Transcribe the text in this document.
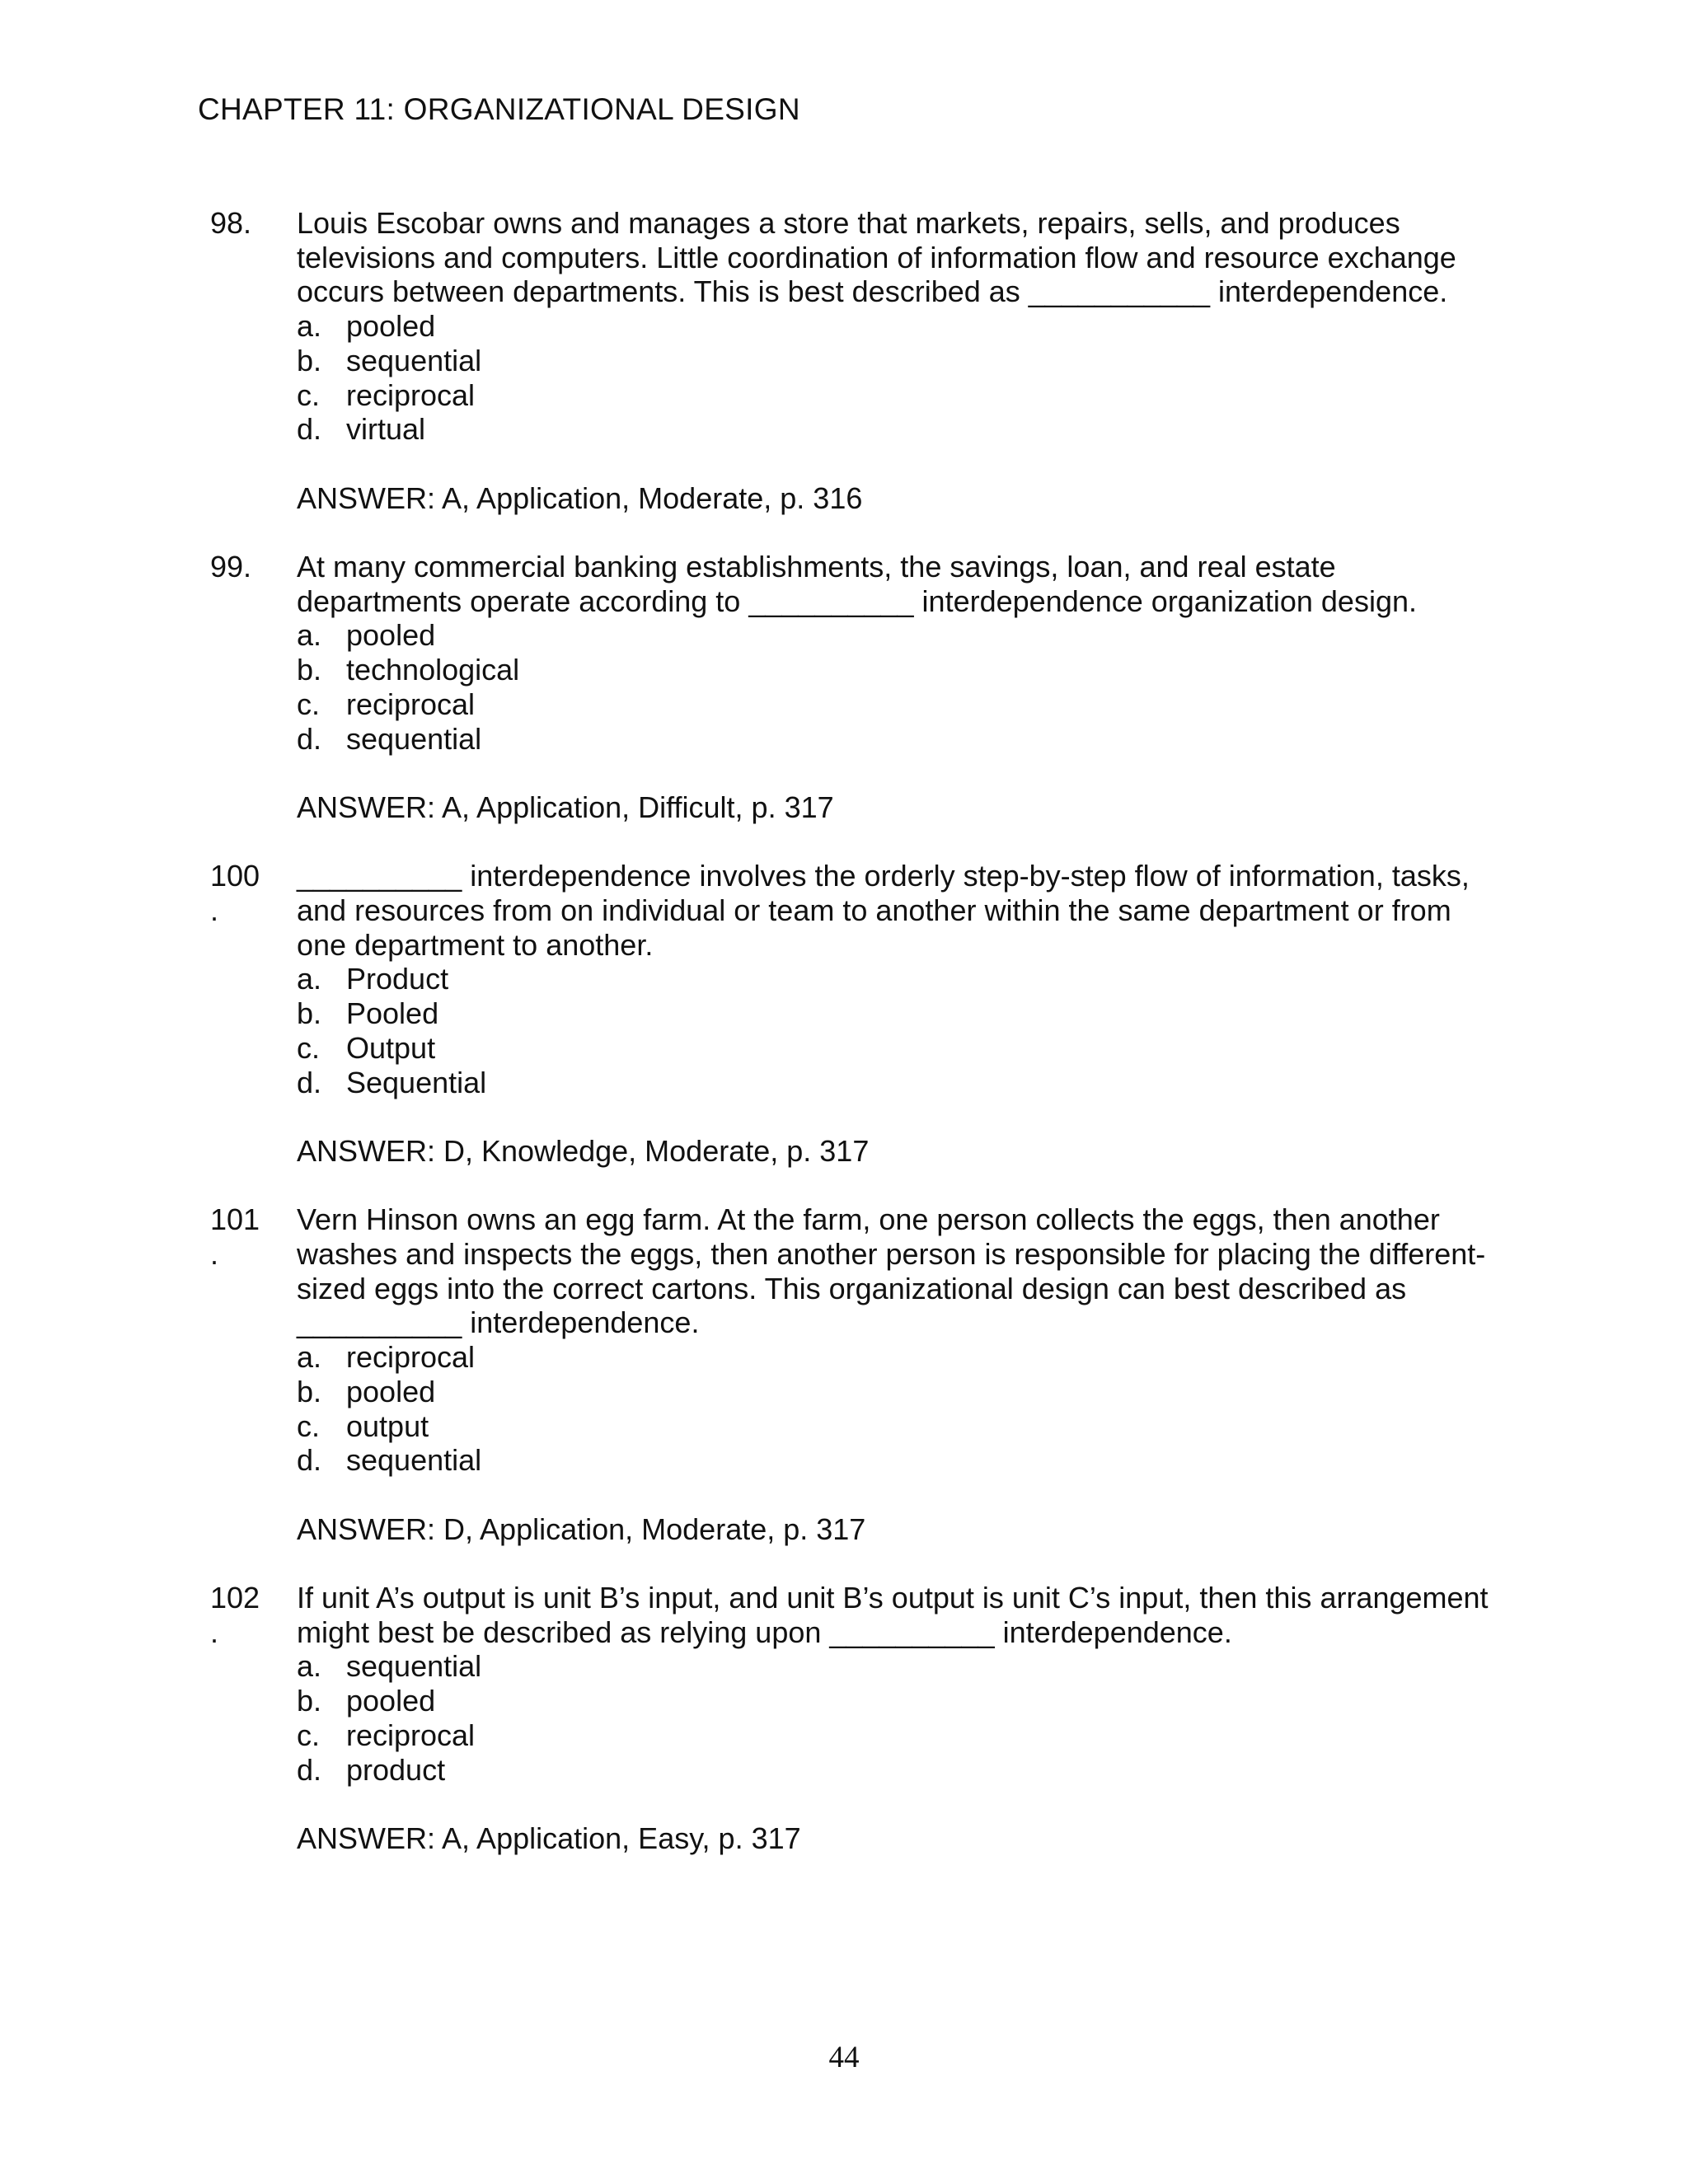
CHAPTER 11: ORGANIZATIONAL DESIGN
98.	Louis Escobar owns and manages a store that markets, repairs, sells, and produces televisions and computers. Little coordination of information flow and resource exchange occurs between departments. This is best described as ___________ interdependence.

a. pooled
b. sequential
c. reciprocal
d. virtual
ANSWER: A, Application, Moderate, p. 316
99.	At many commercial banking establishments, the savings, loan, and real estate departments operate according to __________ interdependence organization design.

a. pooled
b. technological
c. reciprocal
d. sequential
ANSWER: A, Application, Difficult, p. 317
100
.

__________ interdependence involves the orderly step-by-step flow of information, tasks, and resources from on individual or team to another within the same department or from one department to another.

a. Product
b. Pooled
c. Output
d. Sequential
ANSWER: D, Knowledge, Moderate, p. 317
101
.

Vern Hinson owns an egg farm. At the farm, one person collects the eggs, then another washes and inspects the eggs, then another person is responsible for placing the different-sized eggs into the correct cartons. This organizational design can best described as __________ interdependence.

a. reciprocal
b. pooled
c. output
d. sequential
ANSWER: D, Application, Moderate, p. 317
102
.

If unit A’s output is unit B’s input, and unit B’s output is unit C’s input, then this arrangement might best be described as relying upon __________ interdependence.

a. sequential
b. pooled
c. reciprocal
d. product
ANSWER: A, Application, Easy, p. 317
44
